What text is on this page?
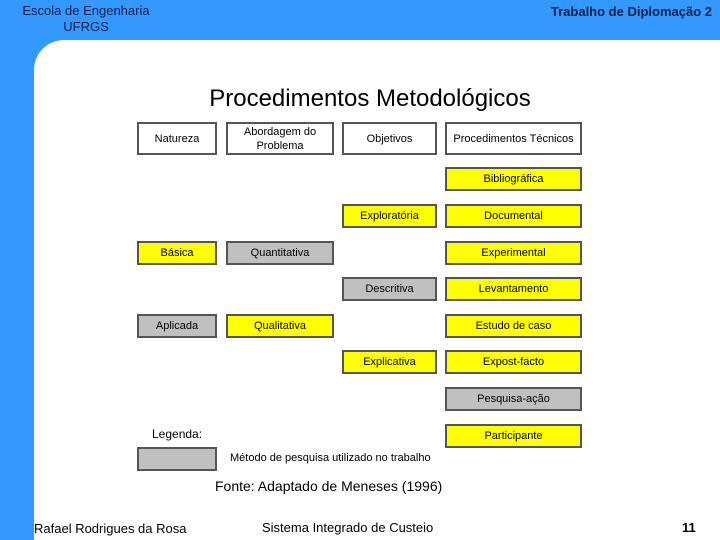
Escola de Engenharia
UFRGS
Trabalho de Diplomação 2
Procedimentos Metodológicos
Natureza
Abordagem do Problema
Objetivos	Procedimentos Técnicos
Básica
Aplicada
Quantitativa
Qualitativa
Exploratória
Descritiva
Explicativa
Bibliográfica
Documental
Experimental
Levantamento
Estudo de caso
Expost-facto
Pesquisa-ação
Participante
Legenda:
Método de pesquisa utilizado no trabalho
Fonte: Adaptado de Meneses (1996)
Rafael Rodrigues da Rosa	Sistema Integrado de Custeio	11
